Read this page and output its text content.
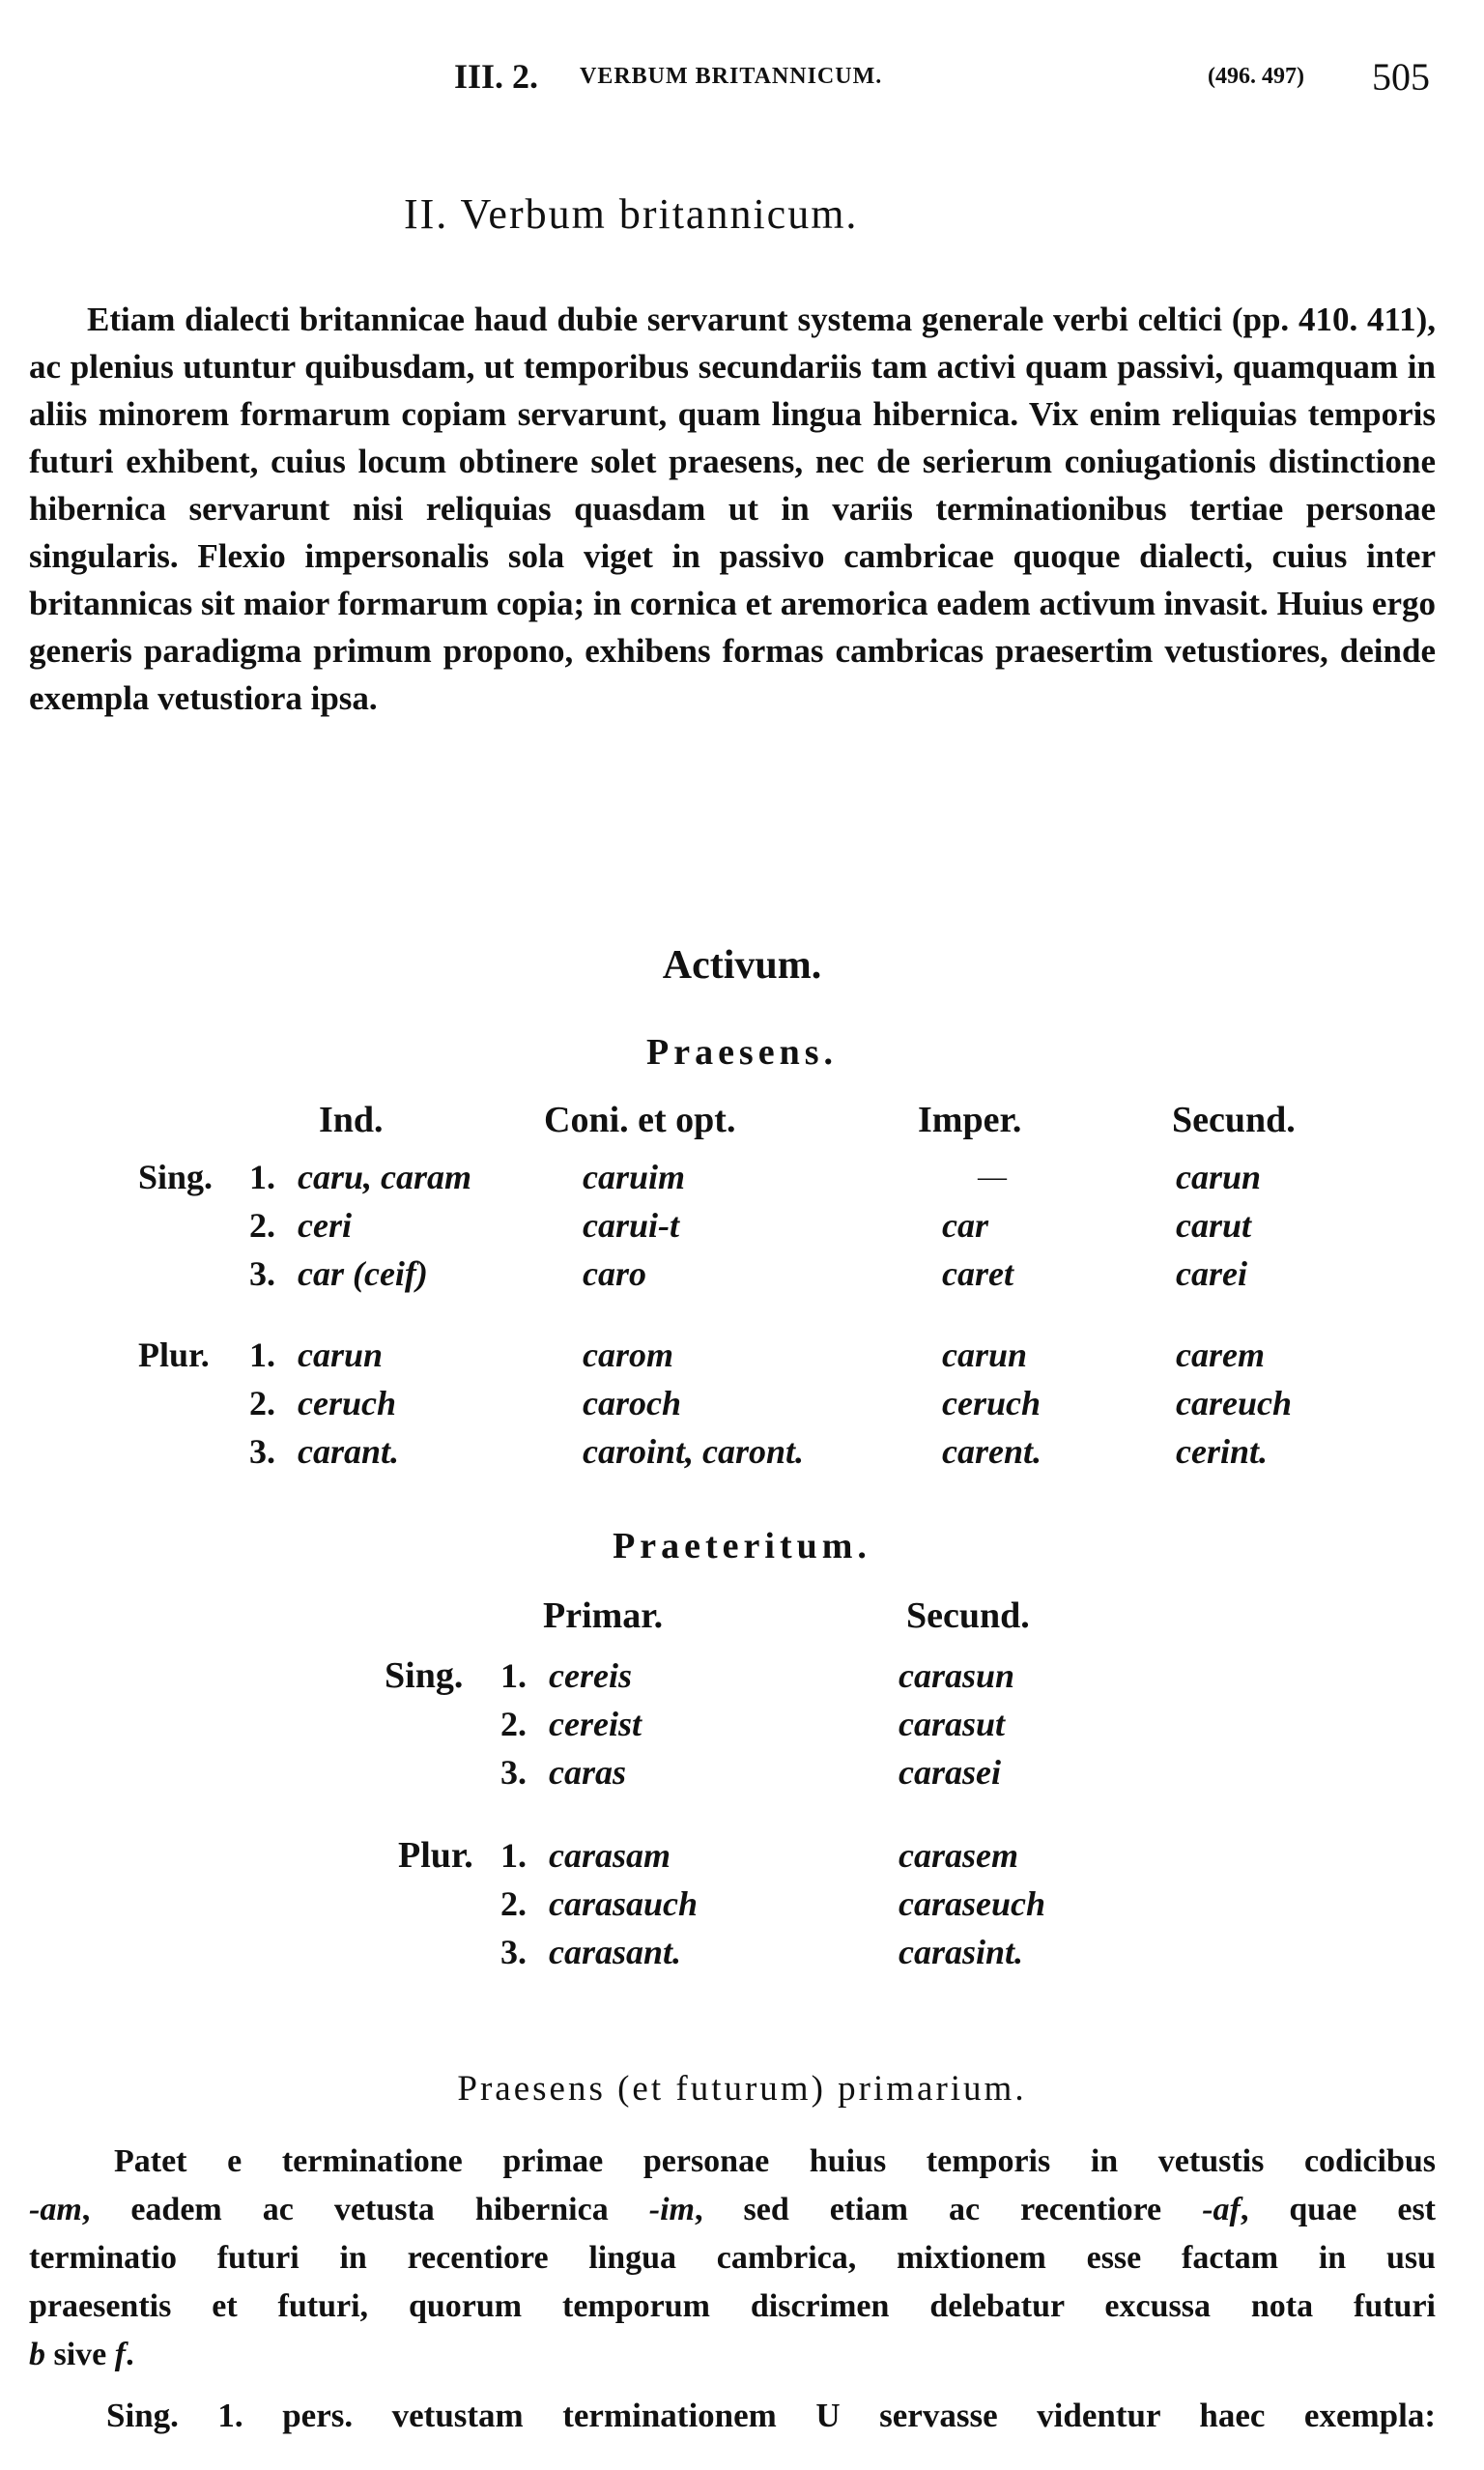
III. 2. VERBUM BRITANNICUM.	(496. 497) 505
II. Verbum britannicum.

Etiam dialecti britannicae haud dubie servarunt systema generale verbi celtici (pp. 410. 411), ac plenius utuntur quibusdam, ut temporibus secundariis tam activi quam passivi, quamquam in aliis minorem formarum copiam servarunt, quam lingua hibernica. Vix enim reliquias temporis futuri exhibent, cuius locum obtinere solet praesens, nec de serierum coniugationis distinctione hibernica servarunt nisi reliquias quasdam ut in variis terminationibus tertiae personae singularis. Flexio impersonalis sola viget in passivo cambricae quoque dialecti, cuius inter britannicas sit maior formarum copia; in cornica et aremorica eadem activum invasit. Huius ergo generis paradigma primum propono, exhibens formas cambricas praesertim vetustiores, deinde exempla vetustiora ipsa.

Activum.
Praesens.
Ind.	Coni. et opt.	Imper.	Secund.
Sing. 1. caru, caram	caruim	—	carun
2. ceri	carui-t	car	carut
3. car (ceif)	caro	caret	carei
Plur. 1. carun	carom	carun	carem
2. ceruch	caroch	ceruch	careuch
3. carant.	caroint, caront.	carent.	cerint.
Praeteritum.
Primar.	Secund.
Sing. 1. cereis	carasun
2. cereist	carasut
3. caras	carasei
Plur. 1. carasam	carasem
2. carasauch	caraseuch
3. carasant.	carasint.
Praesens (et futurum) primarium.
Patet e terminatione primae personae huius temporis in vetustis codicibus
-am, eadem ac vetusta hibernica -im, sed etiam ac recentiore -af, quae est
terminatio futuri in recentiore lingua cambrica, mixtionem esse factam in usu
praesentis et futuri, quorum temporum discrimen delebatur excussa nota futuri
b sive f.
Sing. 1. pers. vetustam terminationem U servasse videntur haec exempla:
